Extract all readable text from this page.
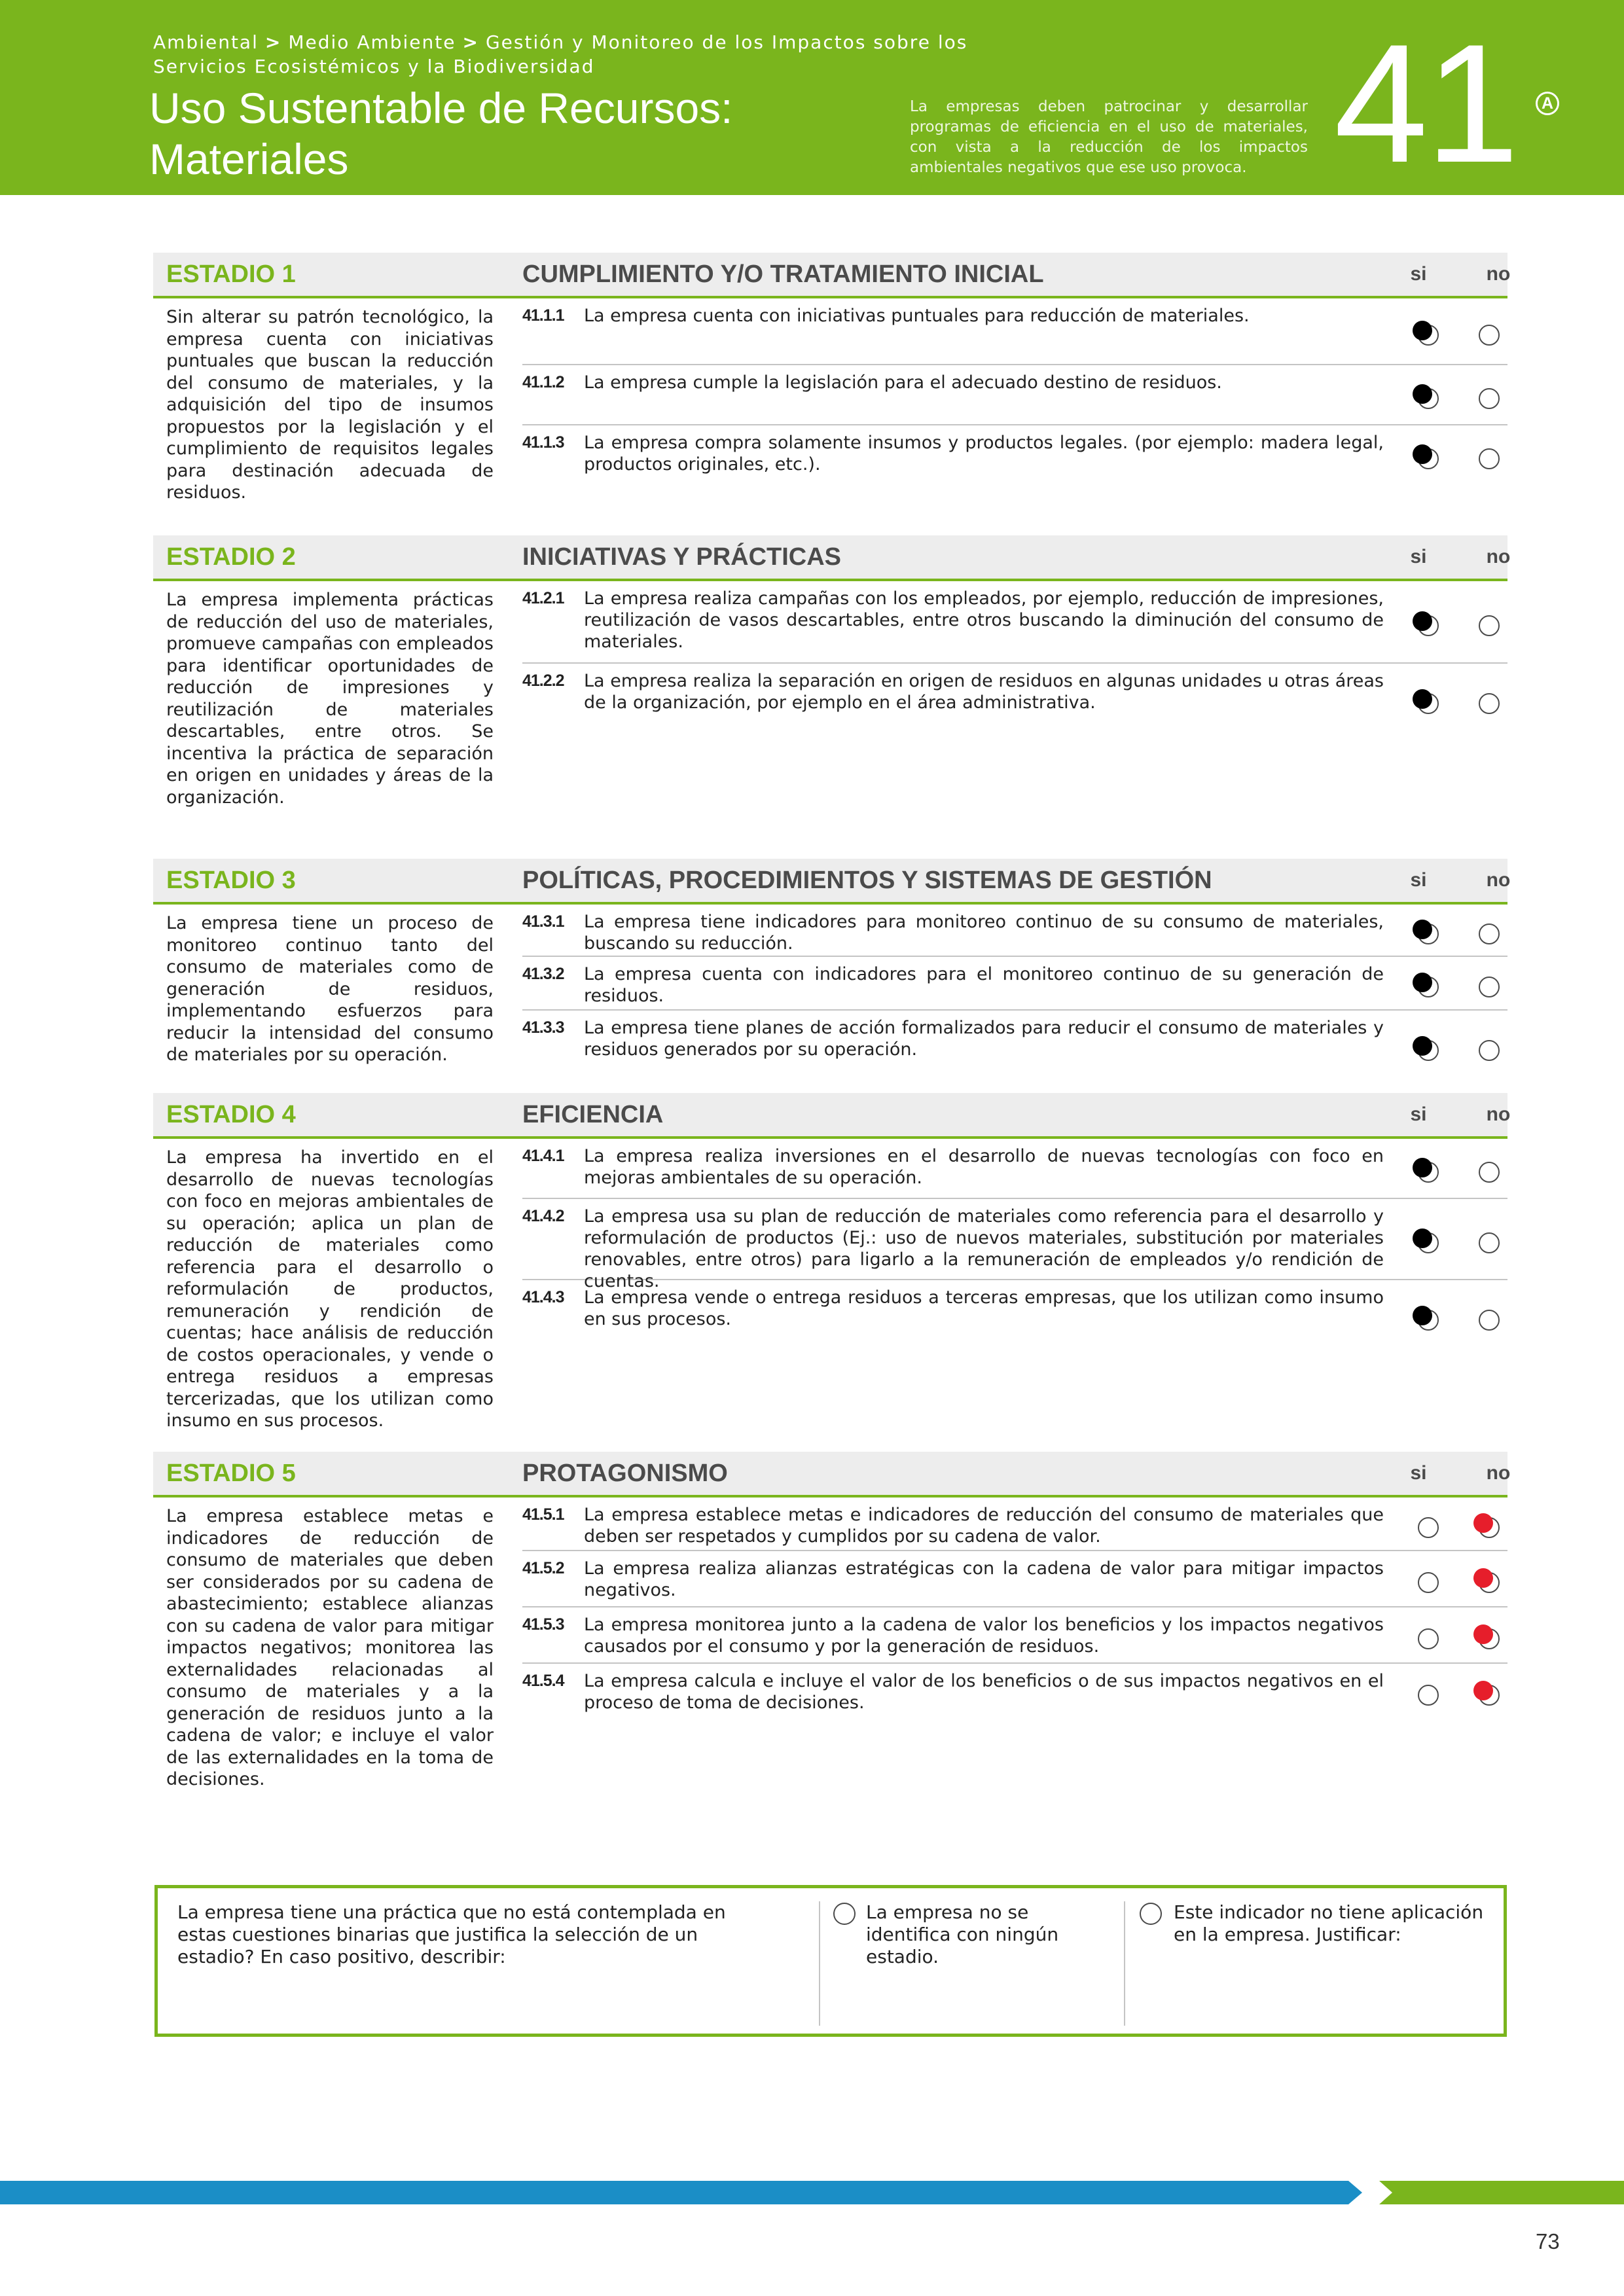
Ambiental > Medio Ambiente > Gestión y Monitoreo de los Impactos sobre los Servicios Ecosistémicos y la Biodiversidad
Uso Sustentable de Recursos:
Materiales
La empresas deben patrocinar y desarrollar programas de eficiencia en el uso de materiales, con vista a la reducción de los impactos ambientales negativos que ese uso provoca. 41	A
ESTADIO 1	CUMPLIMIENTO Y/O TRATAMIENTO INICIAL	si	no
Sin alterar su patrón tecnológico, la empresa cuenta con iniciativas puntuales que buscan la reducción del consumo de materiales, y la adquisición del tipo de insumos propuestos por la legislación y el cumplimiento de requisitos legales para destinación adecuada de residuos.
41.1.1 La empresa cuenta con iniciativas puntuales para reducción de materiales.
41.1.2 La empresa cumple la legislación para el adecuado destino de residuos.
41.1.3 La empresa compra solamente insumos y productos legales. (por ejemplo: madera legal, productos originales, etc.).
ESTADIO 2	INICIATIVAS Y PRÁCTICAS	si	no
La empresa implementa prácticas de reducción del uso de materiales, promueve campañas con empleados para identificar oportunidades de reducción de impresiones y reutilización de materiales descartables, entre otros. Se incentiva la práctica de separación en origen en unidades y áreas de la organización.
41.2.1 La empresa realiza campañas con los empleados, por ejemplo, reducción de impresiones, reutilización de vasos descartables, entre otros buscando la diminución del consumo de materiales.
41.2.2 La empresa realiza la separación en origen de residuos en algunas unidades u otras áreas de la organización, por ejemplo en el área administrativa.
ESTADIO 3	POLÍTICAS, PROCEDIMIENTOS Y SISTEMAS DE GESTIÓN	si	no
La empresa tiene un proceso de monitoreo continuo tanto del consumo de materiales como de generación de residuos, implementando esfuerzos para reducir la intensidad del consumo de materiales por su operación.
41.3.1 La empresa tiene indicadores para monitoreo continuo de su consumo de materiales, buscando su reducción.
41.3.2 La empresa cuenta con indicadores para el monitoreo continuo de su generación de residuos.
41.3.3 La empresa tiene planes de acción formalizados para reducir el consumo de materiales y residuos generados por su operación.
ESTADIO 4	EFICIENCIA	si	no
La empresa ha invertido en el desarrollo de nuevas tecnologías con foco en mejoras ambientales de su operación; aplica un plan de reducción de materiales como referencia para el desarrollo o reformulación de productos, remuneración y rendición de cuentas; hace análisis de reducción de costos operacionales, y vende o entrega residuos a empresas tercerizadas, que los utilizan como insumo en sus procesos.
41.4.1 La empresa realiza inversiones en el desarrollo de nuevas tecnologías con foco en mejoras ambientales de su operación.
41.4.2 La empresa usa su plan de reducción de materiales como referencia para el desarrollo y reformulación de productos (Ej.: uso de nuevos materiales, substitución por materiales renovables, entre otros) para ligarlo a la remuneración de empleados y/o rendición de cuentas.
41.4.3 La empresa vende o entrega residuos a terceras empresas, que los utilizan como insumo en sus procesos.
ESTADIO 5	PROTAGONISMO	si	no
La empresa establece metas e indicadores de reducción de consumo de materiales que deben ser considerados por su cadena de abastecimiento; establece alianzas con su cadena de valor para mitigar impactos negativos; monitorea las externalidades relacionadas al consumo de materiales y a la generación de residuos junto a la cadena de valor; e incluye el valor de las externalidades en la toma de decisiones.
41.5.1 La empresa establece metas e indicadores de reducción del consumo de materiales que deben ser respetados y cumplidos por su cadena de valor.
41.5.2 La empresa realiza alianzas estratégicas con la cadena de valor para mitigar impactos negativos.
41.5.3 La empresa monitorea junto a la cadena de valor los beneficios y los impactos negativos causados por el consumo y por la generación de residuos.
41.5.4 La empresa calcula e incluye el valor de los beneficios o de sus impactos negativos en el proceso de toma de decisiones.
La empresa tiene una práctica que no está contemplada en estas cuestiones binarias que justifica la selección de un estadio? En caso positivo, describir:
La empresa no se identifica con ningún estadio.
Este indicador no tiene aplicación en la empresa. Justificar:
73
